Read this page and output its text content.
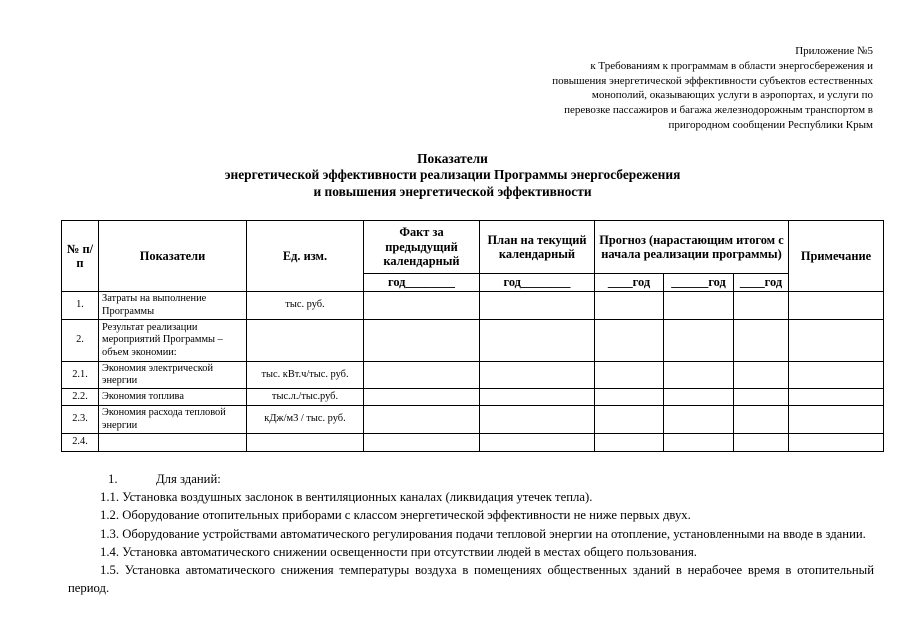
Приложение №5
к Требованиям к программам в области энергосбережения и
повышения энергетической эффективности субъектов естественных
монополий, оказывающих услуги в аэропортах, и услуги по
перевозке пассажиров и багажа железнодорожным транспортом в
пригородном сообщении Республики Крым
Показатели
энергетической эффективности реализации Программы энергосбережения
и повышения энергетической эффективности
№ п/п	Показатели	Ед. изм.	Факт за предыдущий календарный	План на текущий календарный	Прогноз (нарастающим итогом с начала реализации программы)			Примечание
			год________	год________	____год	______год	____год	
1.	Затраты на выполнение Программы	тыс. руб.						
2.	Результат реализации мероприятий Программы – объем экономии:							
2.1.	Экономия электрической энергии	тыс. кВт.ч/тыс. руб.						
2.2.	Экономия топлива	тыс.л./тыс.руб.						
2.3.	Экономия расхода тепловой энергии	кДж/м3 / тыс. руб.						
2.4.								
1.	Для зданий:
1.1. Установка воздушных заслонок в вентиляционных каналах (ликвидация утечек тепла).
1.2. Оборудование отопительных приборами с классом энергетической эффективности не ниже первых двух.
1.3. Оборудование устройствами автоматического регулирования подачи тепловой энергии на отопление, установленными на вводе в здании.
1.4. Установка автоматического снижении освещенности при отсутствии людей в местах общего пользования.
1.5. Установка автоматического снижения температуры воздуха в помещениях общественных зданий в нерабочее время в отопительный период.
